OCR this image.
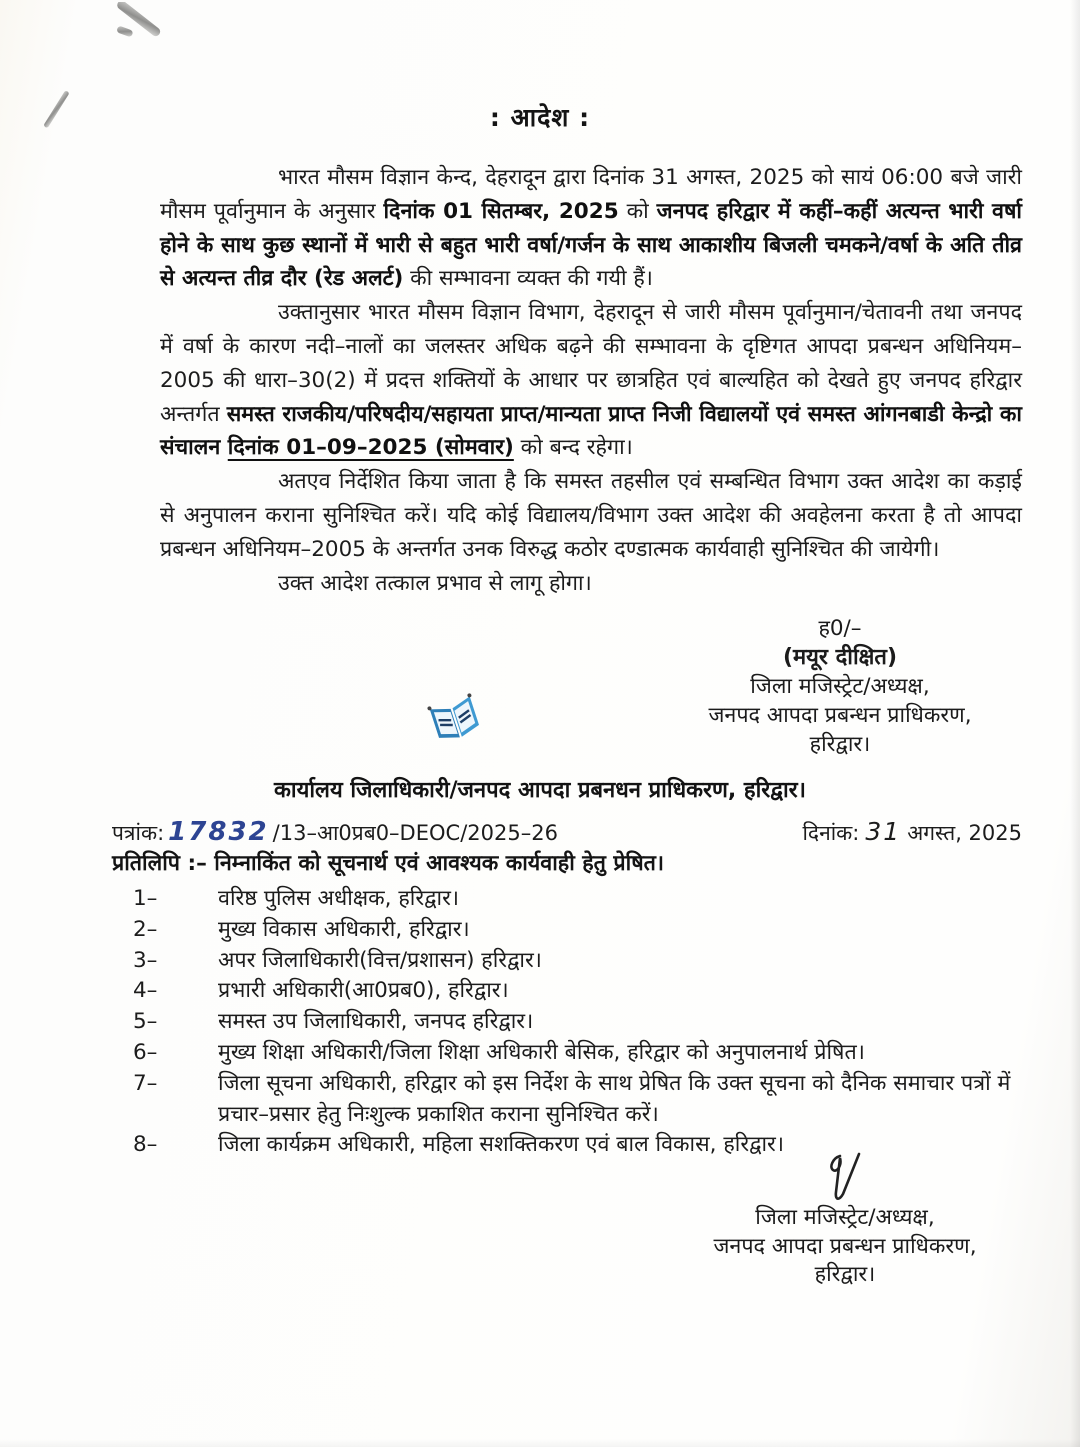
: आदेश :

भारत मौसम विज्ञान केन्द, देहरादून द्वारा दिनांक 31 अगस्त, 2025 को सायं 06:00 बजे जारी मौसम पूर्वानुमान के अनुसार दिनांक 01 सितम्बर, 2025 को जनपद हरिद्वार में कहीं–कहीं अत्यन्त भारी वर्षा होने के साथ कुछ स्थानों में भारी से बहुत भारी वर्षा/गर्जन के साथ आकाशीय बिजली चमकने/वर्षा के अति तीव्र से अत्यन्त तीव्र दौर (रेड अलर्ट) की सम्भावना व्यक्त की गयी हैं।

उक्तानुसार भारत मौसम विज्ञान विभाग, देहरादून से जारी मौसम पूर्वानुमान/चेतावनी तथा जनपद में वर्षा के कारण नदी–नालों का जलस्तर अधिक बढ़ने की सम्भावना के दृष्टिगत आपदा प्रबन्धन अधिनियम–2005 की धारा–30(2) में प्रदत्त शक्तियों के आधार पर छात्रहित एवं बाल्यहित को देखते हुए जनपद हरिद्वार अन्तर्गत समस्त राजकीय/परिषदीय/सहायता प्राप्त/मान्यता प्राप्त निजी विद्यालयों एवं समस्त आंगनबाडी केन्द्रो का संचालन दिनांक 01–09–2025 (सोमवार) को बन्द रहेगा।

अतएव निर्देशित किया जाता है कि समस्त तहसील एवं सम्बन्धित विभाग उक्त आदेश का कड़ाई से अनुपालन कराना सुनिश्चित करें। यदि कोई विद्यालय/विभाग उक्त आदेश की अवहेलना करता है तो आपदा प्रबन्धन अधिनियम–2005 के अन्तर्गत उनक विरुद्ध कठोर दण्डात्मक कार्यवाही सुनिश्चित की जायेगी।

उक्त आदेश तत्काल प्रभाव से लागू होगा।

ह0/–
(मयूर दीक्षित)
जिला मजिस्ट्रेट/अध्यक्ष,
जनपद आपदा प्रबन्धन प्राधिकरण,
हरिद्वार।
कार्यालय जिलाधिकारी/जनपद आपदा प्रबनधन प्राधिकरण, हरिद्वार।
पत्रांक: 17832 /13–आ0प्रब0–DEOC/2025–26	दिनांक: 31 अगस्त, 2025
प्रतिलिपि :– निम्नाकिंत को सूचनार्थ एवं आवश्यक कार्यवाही हेतु प्रेषित।
1–	वरिष्ठ पुलिस अधीक्षक, हरिद्वार।
2–	मुख्य विकास अधिकारी, हरिद्वार।
3–	अपर जिलाधिकारी(वित्त/प्रशासन) हरिद्वार।
4–	प्रभारी अधिकारी(आ0प्रब0), हरिद्वार।
5–	समस्त उप जिलाधिकारी, जनपद हरिद्वार।
6–	मुख्य शिक्षा अधिकारी/जिला शिक्षा अधिकारी बेसिक, हरिद्वार को अनुपालनार्थ प्रेषित।
7–	जिला सूचना अधिकारी, हरिद्वार को इस निर्देश के साथ प्रेषित कि उक्त सूचना को दैनिक समाचार पत्रों में प्रचार–प्रसार हेतु निःशुल्क प्रकाशित कराना सुनिश्चित करें।
8–	जिला कार्यक्रम अधिकारी, महिला सशक्तिकरण एवं बाल विकास, हरिद्वार।
जिला मजिस्ट्रेट/अध्यक्ष,
जनपद आपदा प्रबन्धन प्राधिकरण,
हरिद्वार।
